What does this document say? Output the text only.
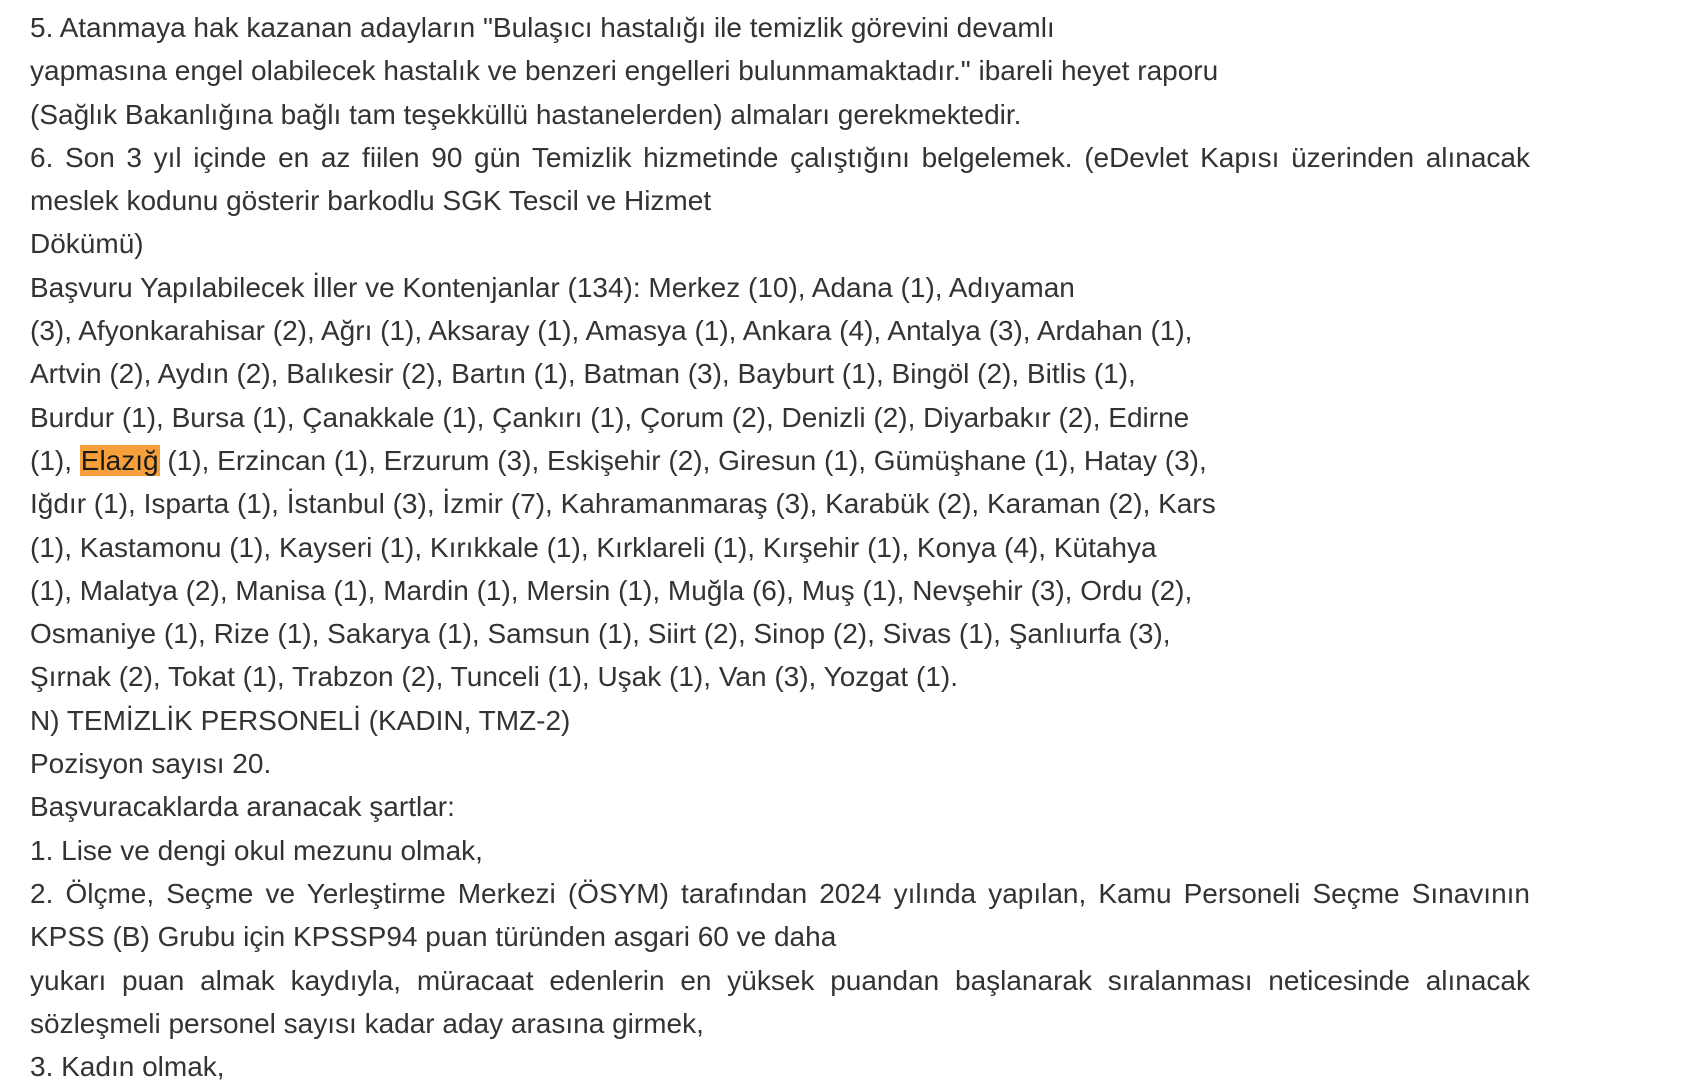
5. Atanmaya hak kazanan adayların "Bulaşıcı hastalığı ile temizlik görevini devamlı
yapmasına engel olabilecek hastalık ve benzeri engelleri bulunmamaktadır." ibareli heyet raporu
(Sağlık Bakanlığına bağlı tam teşekküllü hastanelerden) almaları gerekmektedir.
6. Son 3 yıl içinde en az fiilen 90 gün Temizlik hizmetinde çalıştığını belgelemek. (eDevlet Kapısı üzerinden alınacak
meslek kodunu gösterir barkodlu SGK Tescil ve Hizmet
Dökümü)
Başvuru Yapılabilecek İller ve Kontenjanlar (134): Merkez (10), Adana (1), Adıyaman
(3), Afyonkarahisar (2), Ağrı (1), Aksaray (1), Amasya (1), Ankara (4), Antalya (3), Ardahan (1),
Artvin (2), Aydın (2), Balıkesir (2), Bartın (1), Batman (3), Bayburt (1), Bingöl (2), Bitlis (1),
Burdur (1), Bursa (1), Çanakkale (1), Çankırı (1), Çorum (2), Denizli (2), Diyarbakır (2), Edirne
(1), Elazığ (1), Erzincan (1), Erzurum (3), Eskişehir (2), Giresun (1), Gümüşhane (1), Hatay (3),
Iğdır (1), Isparta (1), İstanbul (3), İzmir (7), Kahramanmaraş (3), Karabük (2), Karaman (2), Kars
(1), Kastamonu (1), Kayseri (1), Kırıkkale (1), Kırklareli (1), Kırşehir (1), Konya (4), Kütahya
(1), Malatya (2), Manisa (1), Mardin (1), Mersin (1), Muğla (6), Muş (1), Nevşehir (3), Ordu (2),
Osmaniye (1), Rize (1), Sakarya (1), Samsun (1), Siirt (2), Sinop (2), Sivas (1), Şanlıurfa (3),
Şırnak (2), Tokat (1), Trabzon (2), Tunceli (1), Uşak (1), Van (3), Yozgat (1).
N) TEMİZLİK PERSONELİ (KADIN, TMZ-2)
Pozisyon sayısı 20.
Başvuracaklarda aranacak şartlar:
1. Lise ve dengi okul mezunu olmak,
2. Ölçme, Seçme ve Yerleştirme Merkezi (ÖSYM) tarafından 2024 yılında yapılan, Kamu Personeli Seçme Sınavının
KPSS (B) Grubu için KPSSP94 puan türünden asgari 60 ve daha
yukarı puan almak kaydıyla, müracaat edenlerin en yüksek puandan başlanarak sıralanması neticesinde alınacak
sözleşmeli personel sayısı kadar aday arasına girmek,
3. Kadın olmak,
